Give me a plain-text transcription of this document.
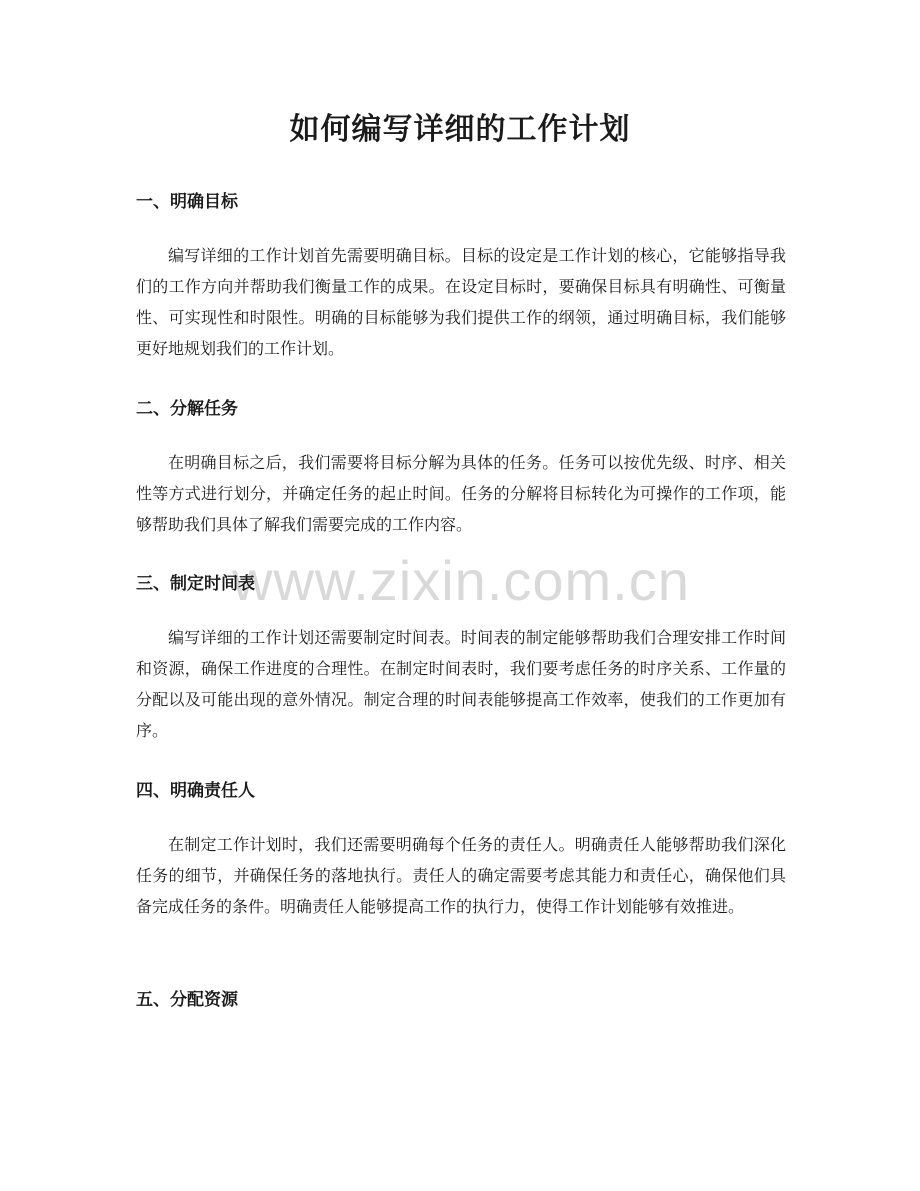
如何编写详细的工作计划
www.zixin.com.cn
一、明确目标

编写详细的工作计划首先需要明确目标。目标的设定是工作计划的核心，它能够指导我们的工作方向并帮助我们衡量工作的成果。在设定目标时，要确保目标具有明确性、可衡量性、可实现性和时限性。明确的目标能够为我们提供工作的纲领，通过明确目标，我们能够更好地规划我们的工作计划。

二、分解任务

在明确目标之后，我们需要将目标分解为具体的任务。任务可以按优先级、时序、相关性等方式进行划分，并确定任务的起止时间。任务的分解将目标转化为可操作的工作项，能够帮助我们具体了解我们需要完成的工作内容。

三、制定时间表

编写详细的工作计划还需要制定时间表。时间表的制定能够帮助我们合理安排工作时间和资源，确保工作进度的合理性。在制定时间表时，我们要考虑任务的时序关系、工作量的分配以及可能出现的意外情况。制定合理的时间表能够提高工作效率，使我们的工作更加有序。

四、明确责任人

在制定工作计划时，我们还需要明确每个任务的责任人。明确责任人能够帮助我们深化任务的细节，并确保任务的落地执行。责任人的确定需要考虑其能力和责任心，确保他们具备完成任务的条件。明确责任人能够提高工作的执行力，使得工作计划能够有效推进。

五、分配资源
